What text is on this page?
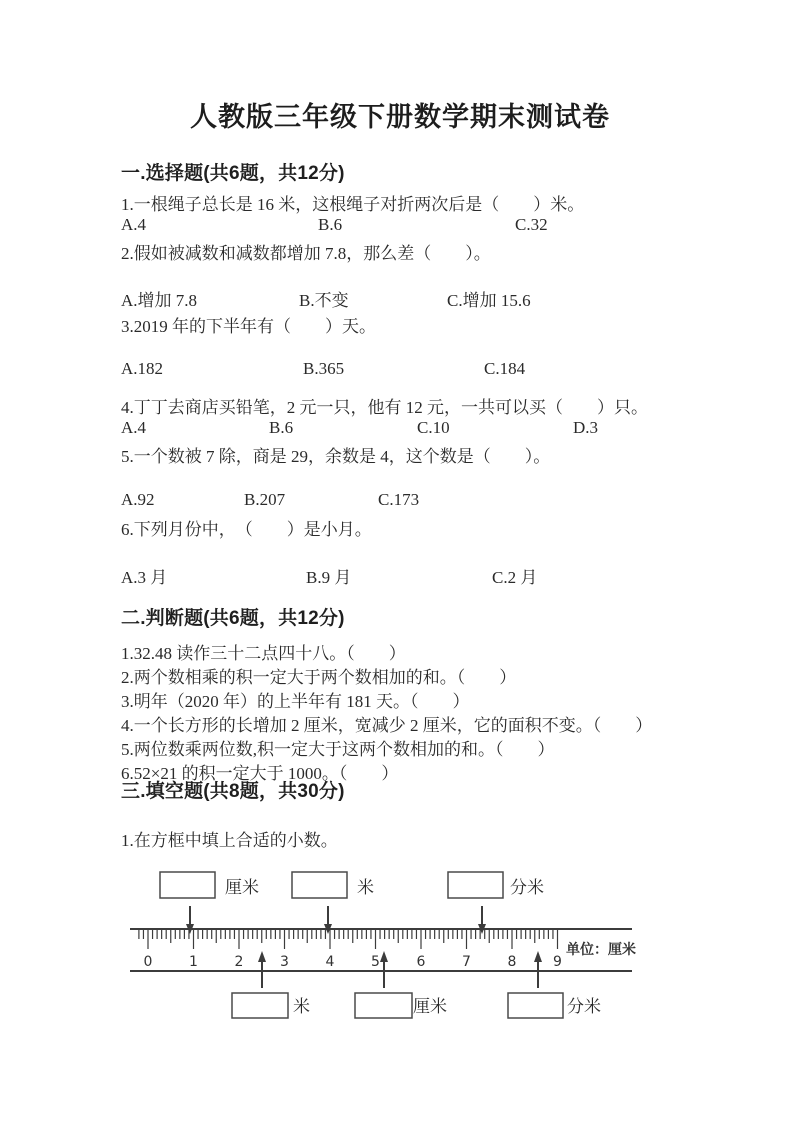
人教版三年级下册数学期末测试卷
一.选择题(共6题，共12分)
1.一根绳子总长是 16 米，这根绳子对折两次后是（　　）米。
A.4	B.6	C.32
2.假如被减数和减数都增加 7.8，那么差（　　）。
A.增加 7.8	B.不变	C.增加 15.6
3.2019 年的下半年有（　　）天。
A.182	B.365	C.184
4.丁丁去商店买铅笔，2 元一只，他有 12 元，一共可以买（　　）只。
A.4	B.6	C.10	D.3
5.一个数被 7 除，商是 29，余数是 4，这个数是（　　）。
A.92	B.207	C.173
6.下列月份中，　（　　）是小月。
A.3 月	B.9 月	C.2 月
二.判断题(共6题，共12分)
1.32.48 读作三十二点四十八。（　　）
2.两个数相乘的积一定大于两个数相加的和。（　　）
3.明年（2020 年）的上半年有 181 天。（　　）
4.一个长方形的长增加 2 厘米，宽减少 2 厘米，它的面积不变。（　　）
5.两位数乘两位数,积一定大于这两个数相加的和。（　　）
6.52×21 的积一定大于 1000。（　　）
三.填空题(共8题，共30分)
1.在方框中填上合适的小数。
厘米	米	分米
0	1	2	3	4	5	6	7	8	9
单位：厘米
米	厘米	分米
